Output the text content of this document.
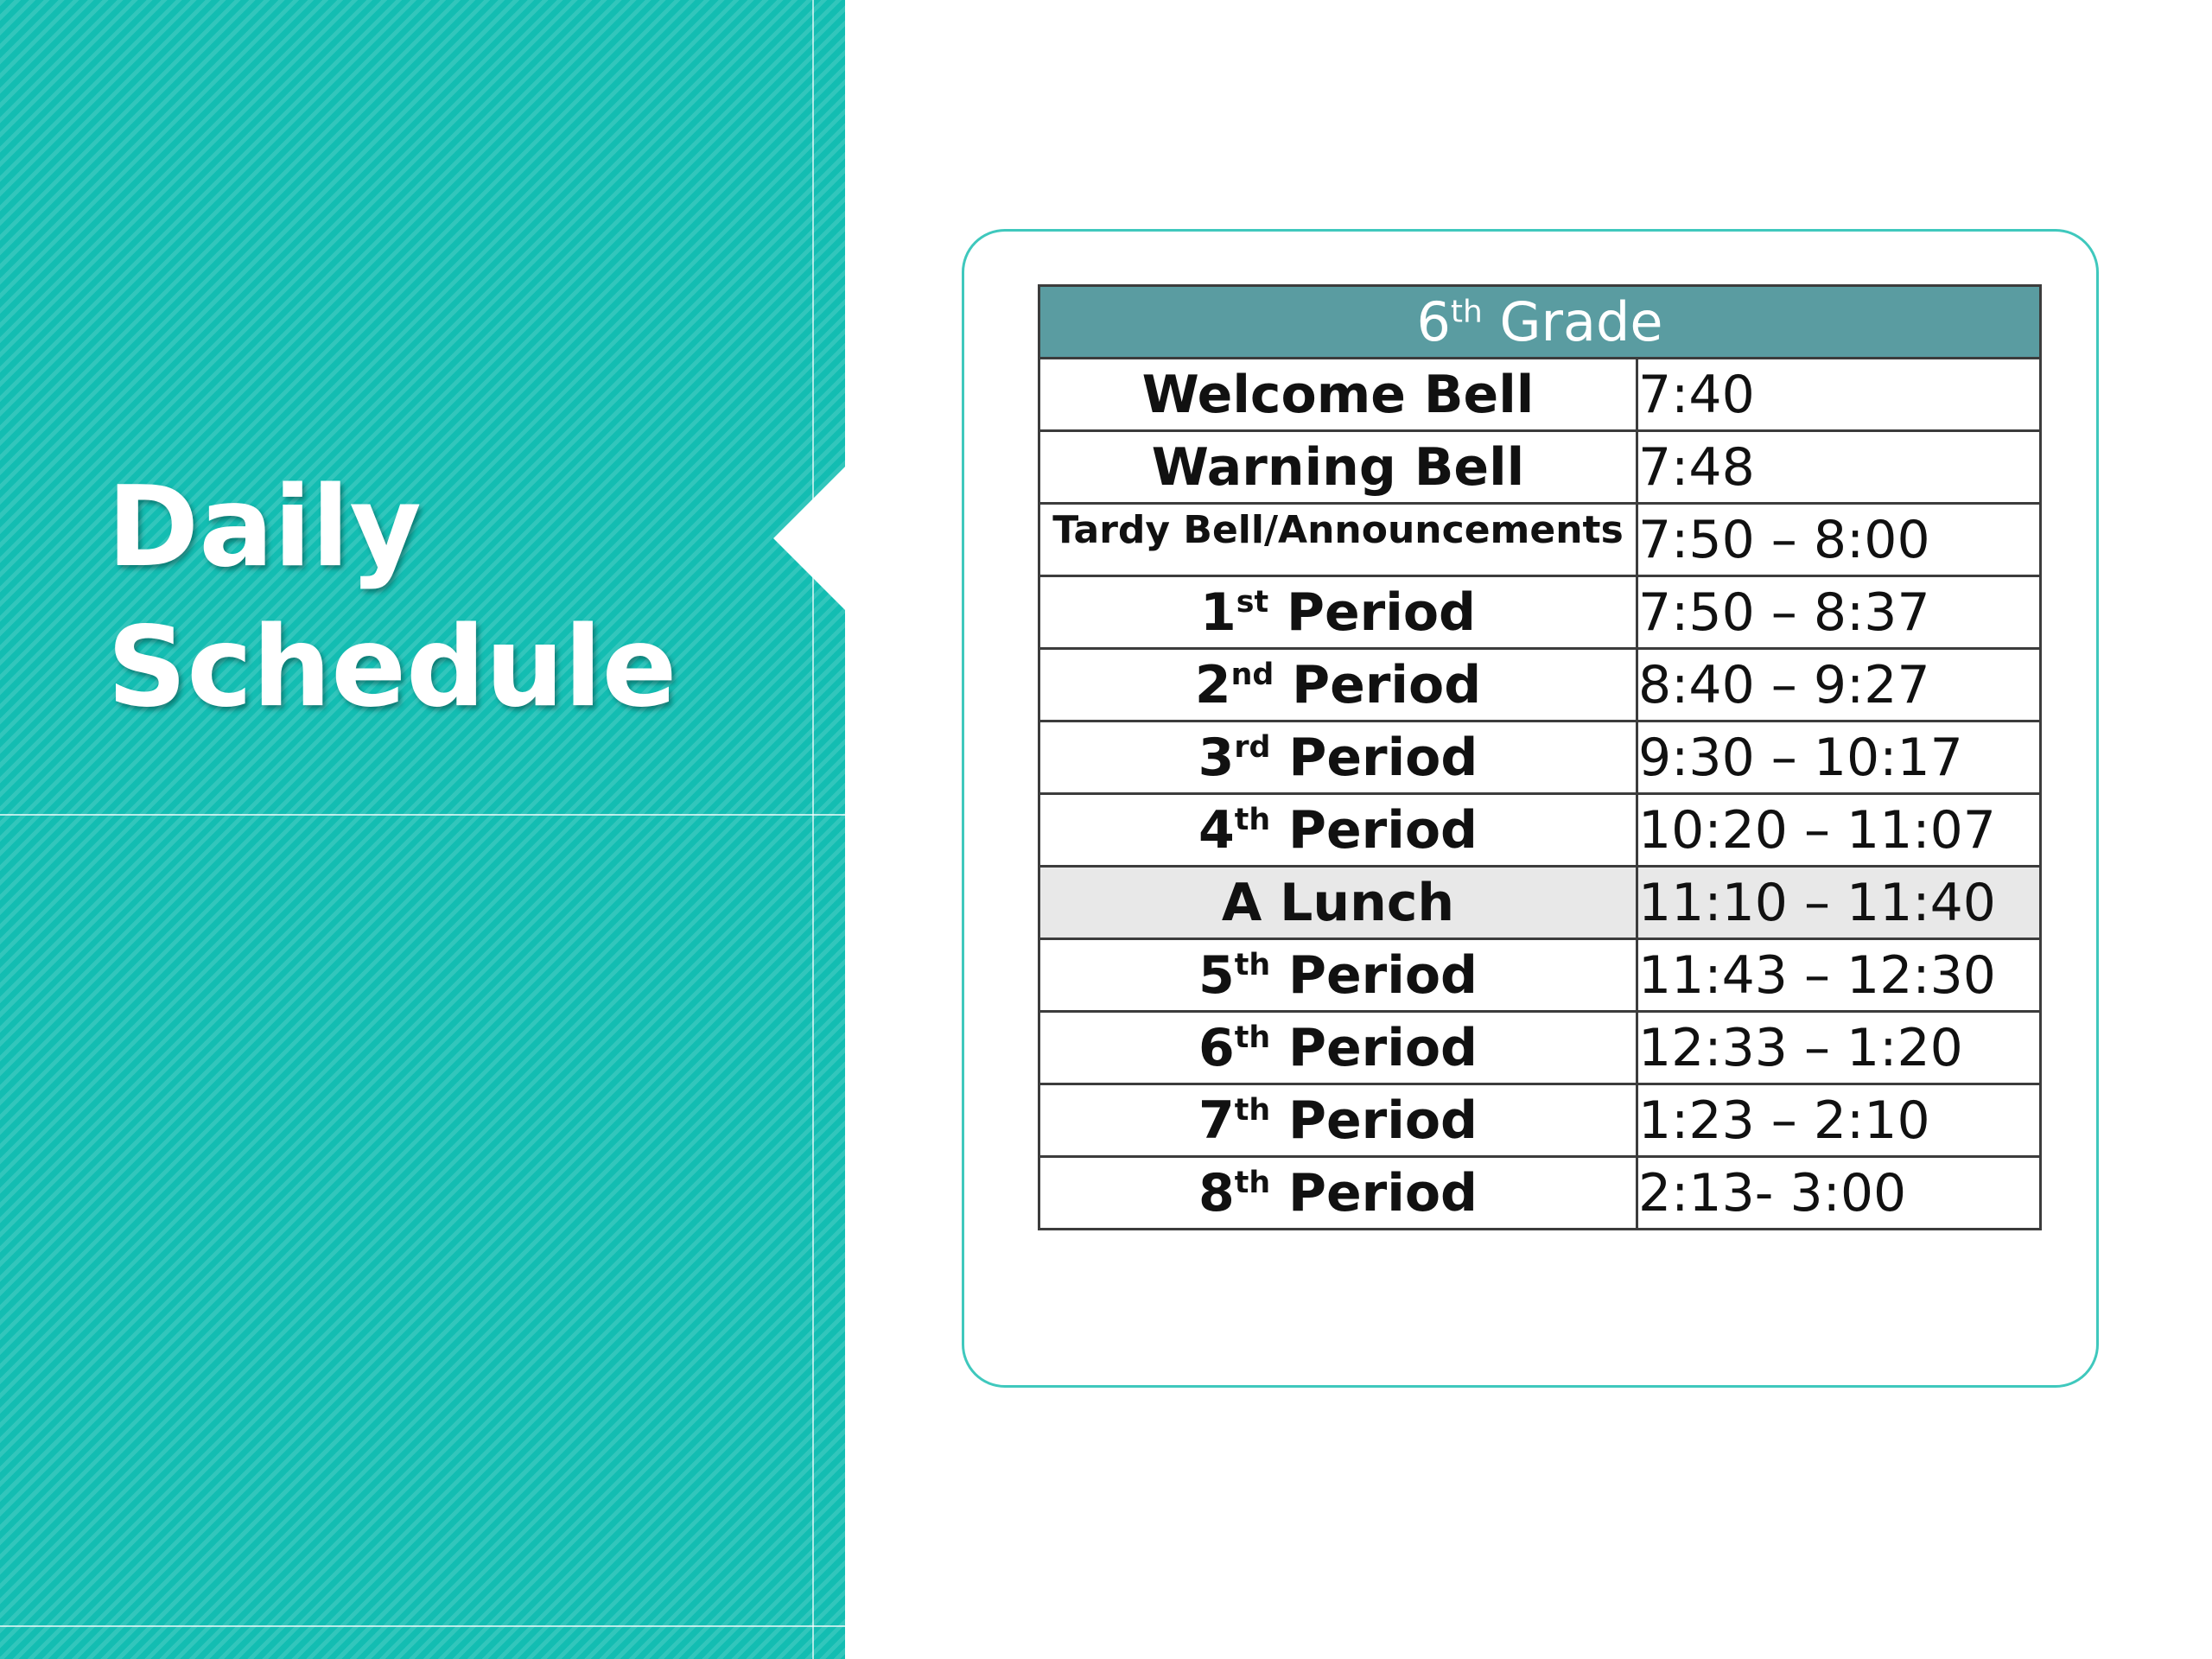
Daily
Schedule
6th Grade	
Welcome Bell	7:40
Warning Bell	7:48
Tardy Bell/Announcements	7:50 – 8:00
1st Period	7:50 – 8:37
2nd Period	8:40 – 9:27
3rd Period	9:30 – 10:17
4th Period	10:20 – 11:07
A Lunch	11:10 – 11:40
5th Period	11:43 – 12:30
6th Period	12:33 – 1:20
7th Period	1:23 – 2:10
8th Period	2:13- 3:00
